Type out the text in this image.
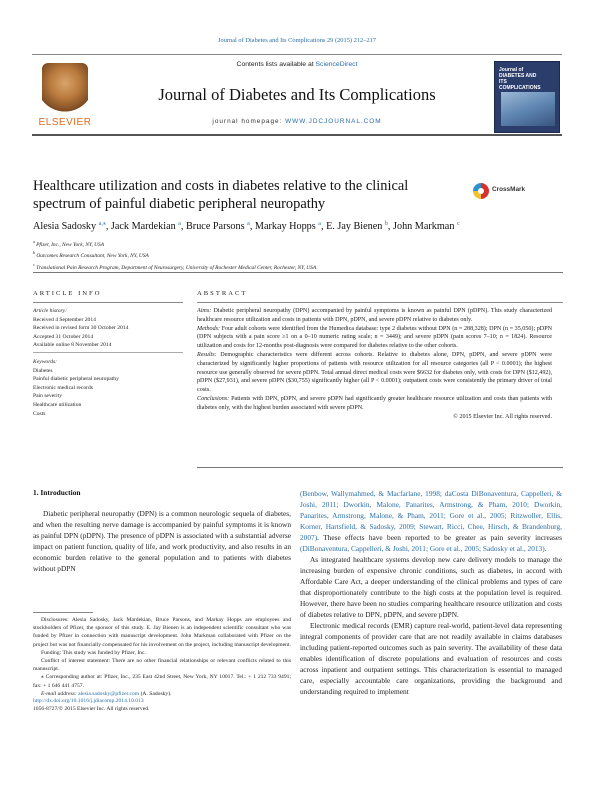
Journal of Diabetes and Its Complications 29 (2015) 212–217
ELSEVIER
Contents lists available at ScienceDirect
Journal of Diabetes and Its Complications
journal homepage: WWW.JDCJOURNAL.COM
Journal of DIABETES AND ITS COMPLICATIONS
Healthcare utilization and costs in diabetes relative to the clinical spectrum of painful diabetic peripheral neuropathy
CrossMark
Alesia Sadosky $^{a,⁎}$, Jack Mardekian $^a$, Bruce Parsons $^a$, Markay Hopps $^a$, E. Jay Bienen $^b$, John Markman $^c$
$^a$ Pfizer, Inc., New York, NY, USA
$^b$ Outcomes Research Consultant, New York, NY, USA
$^c$ Translational Pain Research Program, Department of Neurosurgery, University of Rochester Medical Center, Rochester, NY, USA
ARTICLE INFO	ABSTRACT
Article history:
Received 4 September 2014
Received in revised form 30 October 2014
Accepted 31 October 2014
Available online 8 November 2014
Keywords:
Diabetes
Painful diabetic peripheral neuropathy
Electronic medical records
Pain severity
Healthcare utilization
Costs

Aims: Diabetic peripheral neuropathy (DPN) accompanied by painful symptoms is known as painful DPN (pDPN). This study characterized healthcare resource utilization and costs in patients with DPN, pDPN, and severe pDPN relative to diabetes only.

Methods: Four adult cohorts were identified from the Humedica database: type 2 diabetes without DPN (n = 288,328); DPN (n = 35,050); pDPN (DPN subjects with a pain score ≥1 on a 0–10 numeric rating scale; n = 3449); and severe pDPN (pain scores 7–10; n = 1824). Resource utilization and costs for 12-months post-diagnosis were compared for diabetes relative to the other cohorts.

Results: Demographic characteristics were different across cohorts. Relative to diabetes alone, DPN, pDPN, and severe pDPN were characterized by significantly higher proportions of patients with resource utilization for all resource categories (all P < 0.0001); the highest resource use generally observed for severe pDPN. Total annual direct medical costs were $6632 for diabetes only, with costs for DPN ($12,492), pDPN ($27,931), and severe pDPN ($30,755) significantly higher (all P < 0.0001); outpatient costs were consistently the primary driver of total costs.

Conclusions: Patients with DPN, pDPN, and severe pDPN had significantly greater healthcare resource utilization and costs than patients with diabetes only, with the highest burden associated with severe pDPN.

© 2015 Elsevier Inc. All rights reserved.

1. Introduction

Diabetic peripheral neuropathy (DPN) is a common neurologic sequela of diabetes, and when the resulting nerve damage is accompanied by painful symptoms it is known as painful DPN (pDPN). The presence of pDPN is associated with a substantial adverse impact on patient function, quality of life, and work productivity, and also results in an economic burden relative to the general population and to patients with diabetes without pDPN

(Benbow, Wallymahmed, & Macfarlane, 1998; daCosta DiBonaventura, Cappelleri, & Joshi, 2011; Dworkin, Malone, Panarites, Armstrong, & Pham, 2010; Dworkin, Panarites, Armstrong, Malone, & Pham, 2011; Gore et al., 2005; Ritzwoller, Ellis, Korner, Hartsfield, & Sadosky, 2009; Stewart, Ricci, Chee, Hirsch, & Brandenburg, 2007). These effects have been reported to be greater as pain severity increases (DiBonaventura, Cappelleri, & Joshi, 2011; Gore et al., 2005; Sadosky et al., 2013).

As integrated healthcare systems develop new care delivery models to manage the increasing burden of expensive chronic conditions, such as diabetes, in accord with Affordable Care Act, a deeper understanding of the clinical problems and types of care that disproportionately contribute to the high costs at the population level is required. However, there have been no studies comparing healthcare resource utilization and costs of diabetes relative to DPN, pDPN, and severe pDPN.

Electronic medical records (EMR) capture real-world, patient-level data representing integral components of provider care that are not readily available in claims databases including patient-reported outcomes such as pain severity. The availability of these data enables identification of discrete populations and evaluation of resources and costs across inpatient and outpatient settings. This characterization is essential to managed care, especially accountable care organizations, providing the background and understanding required to implement

Disclosures: Alesia Sadosky, Jack Mardekian, Bruce Parsons, and Markay Hopps are employees and stockholders of Pfizer, the sponsor of this study. E. Jay Bienen is an independent scientific consultant who was funded by Pfizer in connection with manuscript development. John Markman collaborated with Pfizer on the project but was not financially compensated for his involvement on the project, including manuscript development.

Funding: This study was funded by Pfizer, Inc.

Conflict of interest statement: There are no other financial relationships or relevant conflicts related to this manuscript.

⁎ Corresponding author at: Pfizer, Inc., 235 East 42nd Street, New York, NY 10017. Tel.: + 1 212 733 9491; fax: + 1 646 441 4757.

E-mail address: alesia.sadosky@pfizer.com (A. Sadosky).

http://dx.doi.org/10.1016/j.jdiacomp.2014.10.013
1056-8727/© 2015 Elsevier Inc. All rights reserved.
